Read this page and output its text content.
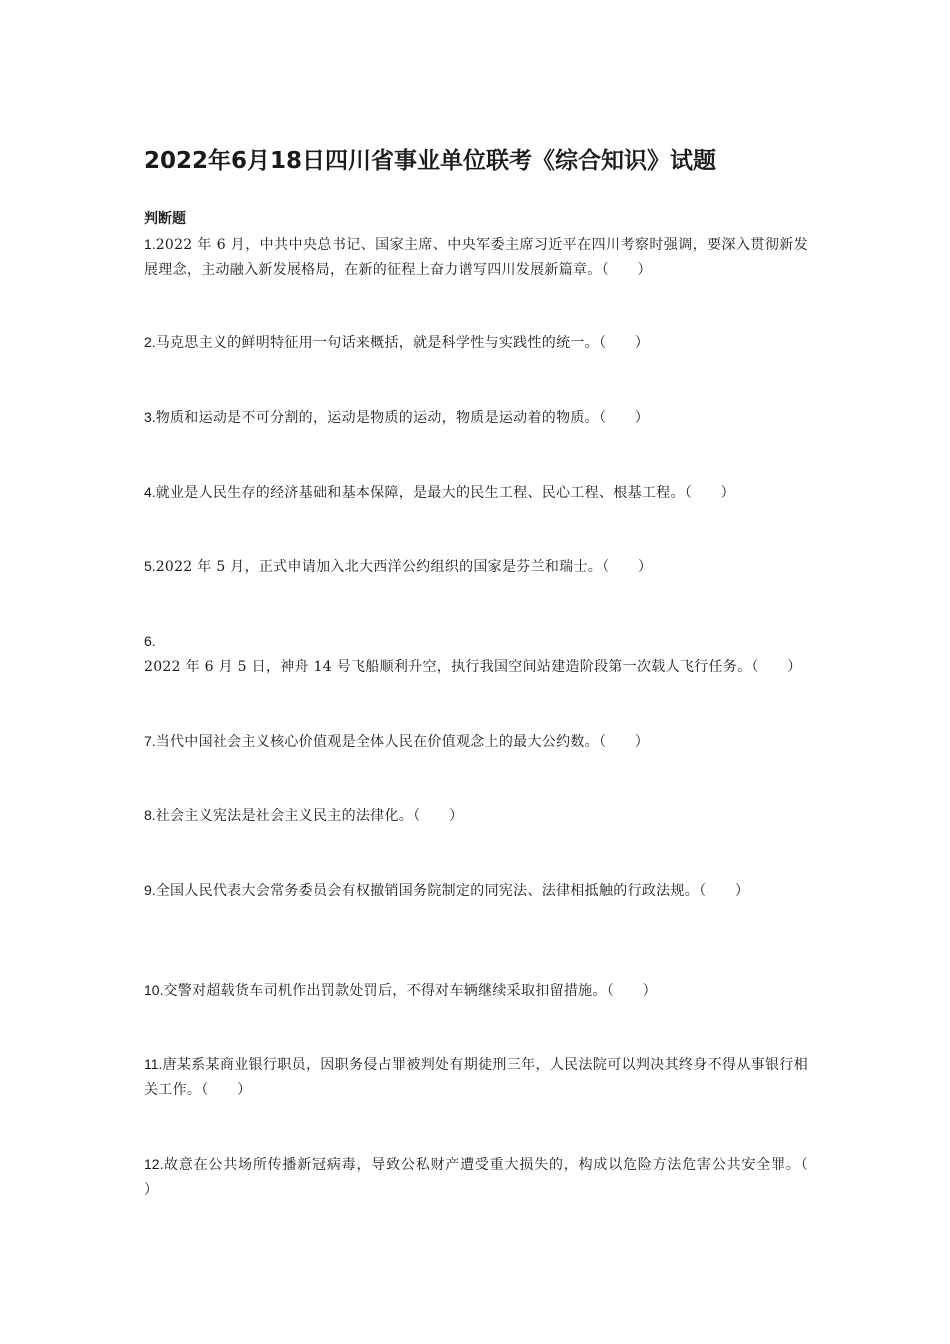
2022年6月18日四川省事业单位联考《综合知识》试题
判断题

1.2022 年 6 月，中共中央总书记、国家主席、中央军委主席习近平在四川考察时强调，要深入贯彻新发展理念，主动融入新发展格局，在新的征程上奋力谱写四川发展新篇章。（　　）

2.马克思主义的鲜明特征用一句话来概括，就是科学性与实践性的统一。（　　）

3.物质和运动是不可分割的，运动是物质的运动，物质是运动着的物质。（　　）

4.就业是人民生存的经济基础和基本保障，是最大的民生工程、民心工程、根基工程。（　　）

5.2022 年 5 月，正式申请加入北大西洋公约组织的国家是芬兰和瑞士。（　　）

6.2022 年 6 月 5 日，神舟 14 号飞船顺利升空，执行我国空间站建造阶段第一次载人飞行任务。（　　）

7.当代中国社会主义核心价值观是全体人民在价值观念上的最大公约数。（　　）

8.社会主义宪法是社会主义民主的法律化。（　　）

9.全国人民代表大会常务委员会有权撤销国务院制定的同宪法、法律相抵触的行政法规。（　　）

10.交警对超载货车司机作出罚款处罚后，不得对车辆继续采取扣留措施。（　　）

11.唐某系某商业银行职员，因职务侵占罪被判处有期徒刑三年，人民法院可以判决其终身不得从事银行相关工作。（　　）

12.故意在公共场所传播新冠病毒，导致公私财产遭受重大损失的，构成以危险方法危害公共安全罪。（　　）
